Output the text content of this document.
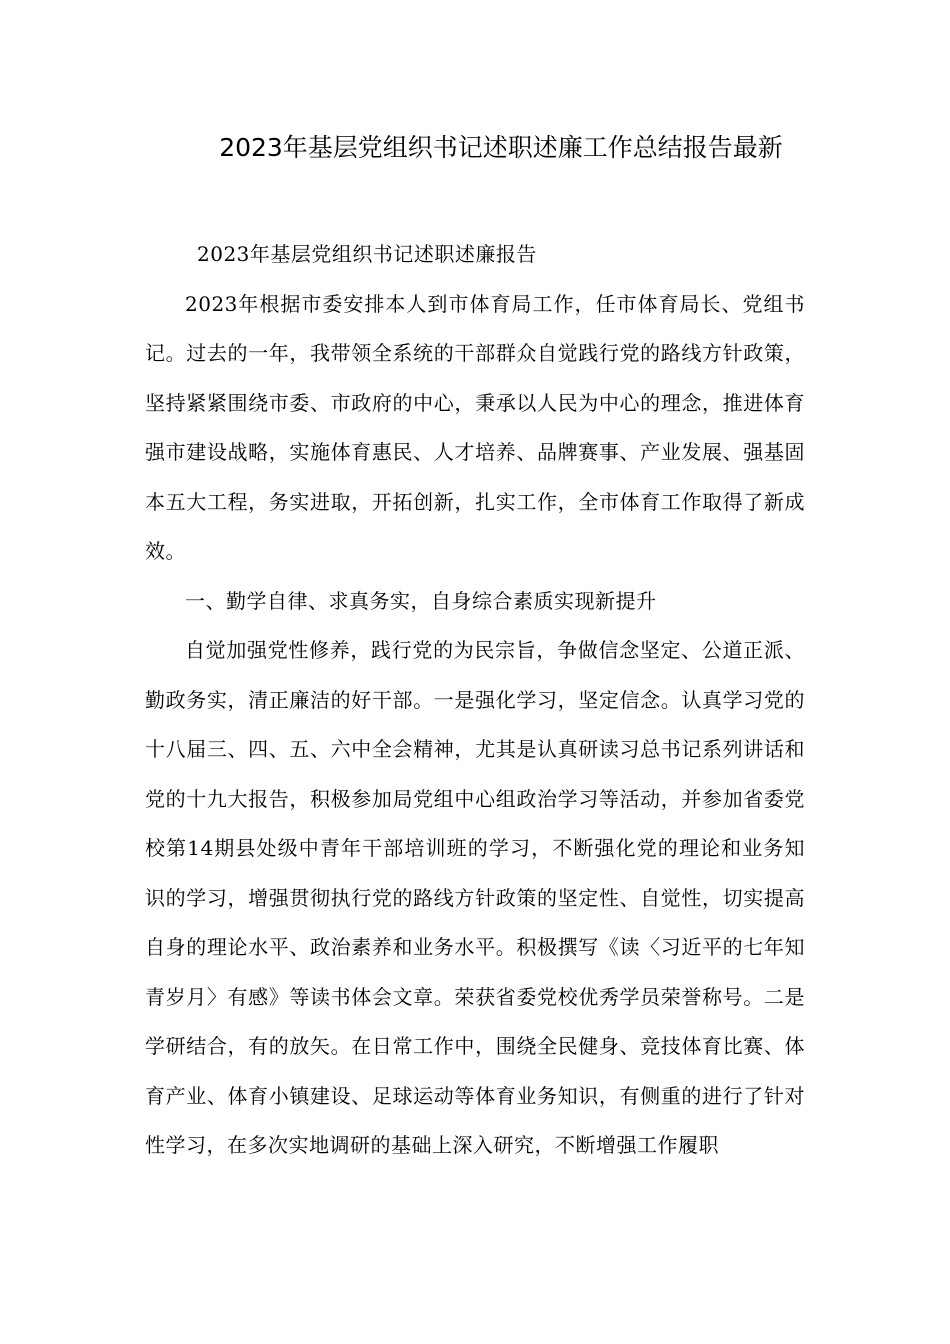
2023年基层党组织书记述职述廉工作总结报告最新

2023年基层党组织书记述职述廉报告

2023年根据市委安排本人到市体育局工作，任市体育局长、党组书记。过去的一年，我带领全系统的干部群众自觉践行党的路线方针政策，坚持紧紧围绕市委、市政府的中心，秉承以人民为中心的理念，推进体育强市建设战略，实施体育惠民、人才培养、品牌赛事、产业发展、强基固本五大工程，务实进取，开拓创新，扎实工作，全市体育工作取得了新成效。

一、勤学自律、求真务实，自身综合素质实现新提升

自觉加强党性修养，践行党的为民宗旨，争做信念坚定、公道正派、勤政务实，清正廉洁的好干部。一是强化学习，坚定信念。认真学习党的十八届三、四、五、六中全会精神，尤其是认真研读习总书记系列讲话和党的十九大报告，积极参加局党组中心组政治学习等活动，并参加省委党校第14期县处级中青年干部培训班的学习，不断强化党的理论和业务知识的学习，增强贯彻执行党的路线方针政策的坚定性、自觉性，切实提高自身的理论水平、政治素养和业务水平。积极撰写《读〈习近平的七年知青岁月〉有感》等读书体会文章。荣获省委党校优秀学员荣誉称号。二是学研结合，有的放矢。在日常工作中，围绕全民健身、竞技体育比赛、体育产业、体育小镇建设、足球运动等体育业务知识，有侧重的进行了针对性学习，在多次实地调研的基础上深入研究，不断增强工作履职
